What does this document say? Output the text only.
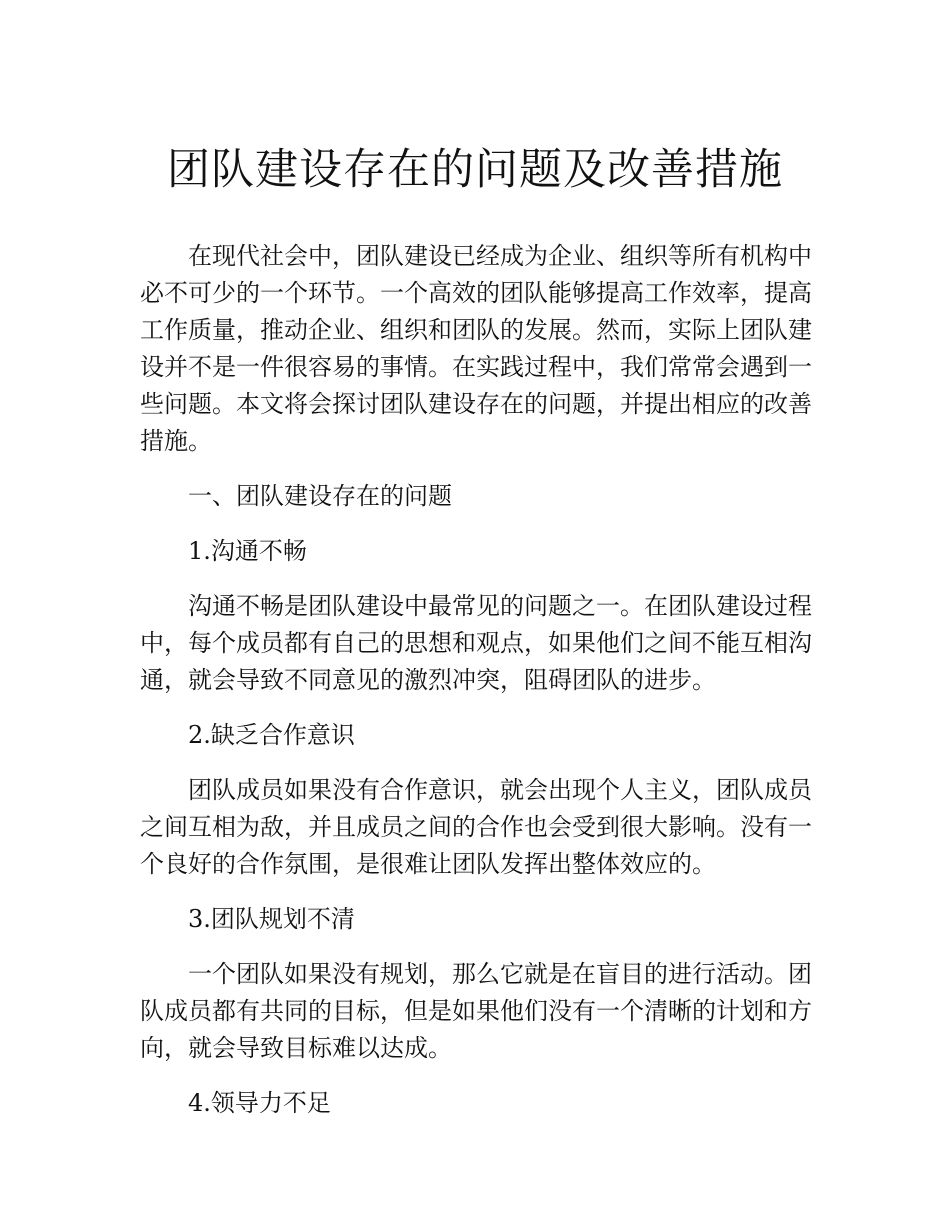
团队建设存在的问题及改善措施

在现代社会中，团队建设已经成为企业、组织等所有机构中必不可少的一个环节。一个高效的团队能够提高工作效率，提高工作质量，推动企业、组织和团队的发展。然而，实际上团队建设并不是一件很容易的事情。在实践过程中，我们常常会遇到一些问题。本文将会探讨团队建设存在的问题，并提出相应的改善措施。

一、团队建设存在的问题

1.沟通不畅

沟通不畅是团队建设中最常见的问题之一。在团队建设过程中，每个成员都有自己的思想和观点，如果他们之间不能互相沟通，就会导致不同意见的激烈冲突，阻碍团队的进步。

2.缺乏合作意识

团队成员如果没有合作意识，就会出现个人主义，团队成员之间互相为敌，并且成员之间的合作也会受到很大影响。没有一个良好的合作氛围，是很难让团队发挥出整体效应的。

3.团队规划不清

一个团队如果没有规划，那么它就是在盲目的进行活动。团队成员都有共同的目标，但是如果他们没有一个清晰的计划和方向，就会导致目标难以达成。

4.领导力不足
